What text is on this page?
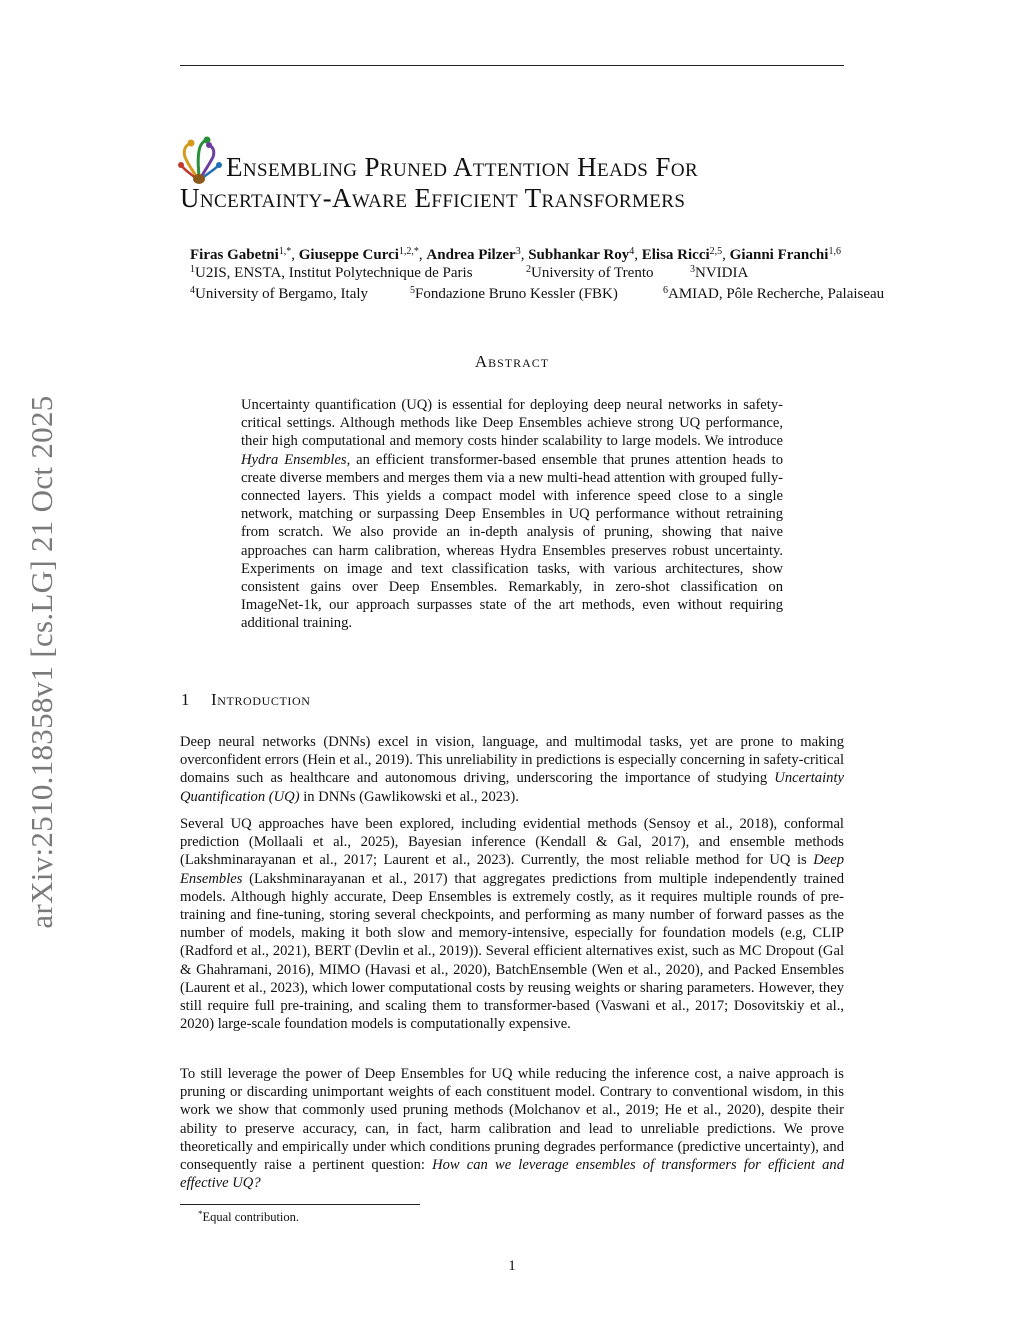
arXiv:2510.18358v1 [cs.LG] 21 Oct 2025
Ensembling Pruned Attention Heads For
Uncertainty-Aware Efficient Transformers
Firas Gabetni$^{1,*}$, Giuseppe Curci$^{1,2,*}$, Andrea Pilzer$^3$, Subhankar Roy$^4$, Elisa Ricci$^{2,5}$, Gianni Franchi$^{1,6}$
$^1$U2IS, ENSTA, Institut Polytechnique de Paris	$^2$University of Trento	$^3$NVIDIA
$^4$University of Bergamo, Italy	$^5$Fondazione Bruno Kessler (FBK)	$^6$AMIAD, Pôle Recherche, Palaiseau
Abstract
Uncertainty quantification (UQ) is essential for deploying deep neural networks in safety-critical settings. Although methods like Deep Ensembles achieve strong UQ performance, their high computational and memory costs hinder scalability to large models. We introduce Hydra Ensembles, an efficient transformer-based ensemble that prunes attention heads to create diverse members and merges them via a new multi-head attention with grouped fully-connected layers. This yields a compact model with inference speed close to a single network, matching or surpassing Deep Ensembles in UQ performance without retraining from scratch. We also provide an in-depth analysis of pruning, showing that naive approaches can harm calibration, whereas Hydra Ensembles preserves robust uncertainty. Experiments on image and text classification tasks, with various architectures, show consistent gains over Deep Ensembles. Remarkably, in zero-shot classification on ImageNet-1k, our approach surpasses state of the art methods, even without requiring additional training.
1 Introduction
Deep neural networks (DNNs) excel in vision, language, and multimodal tasks, yet are prone to making overconfident errors (Hein et al., 2019). This unreliability in predictions is especially concerning in safety-critical domains such as healthcare and autonomous driving, underscoring the importance of studying Uncertainty Quantification (UQ) in DNNs (Gawlikowski et al., 2023).
Several UQ approaches have been explored, including evidential methods (Sensoy et al., 2018), conformal prediction (Mollaali et al., 2025), Bayesian inference (Kendall & Gal, 2017), and ensemble methods (Lakshminarayanan et al., 2017; Laurent et al., 2023). Currently, the most reliable method for UQ is Deep Ensembles (Lakshminarayanan et al., 2017) that aggregates predictions from multiple independently trained models. Although highly accurate, Deep Ensembles is extremely costly, as it requires multiple rounds of pre-training and fine-tuning, storing several checkpoints, and performing as many number of forward passes as the number of models, making it both slow and memory-intensive, especially for foundation models (e.g, CLIP (Radford et al., 2021), BERT (Devlin et al., 2019)). Several efficient alternatives exist, such as MC Dropout (Gal & Ghahramani, 2016), MIMO (Havasi et al., 2020), BatchEnsemble (Wen et al., 2020), and Packed Ensembles (Laurent et al., 2023), which lower computational costs by reusing weights or sharing parameters. However, they still require full pre-training, and scaling them to transformer-based (Vaswani et al., 2017; Dosovitskiy et al., 2020) large-scale foundation models is computationally expensive.
To still leverage the power of Deep Ensembles for UQ while reducing the inference cost, a naive approach is pruning or discarding unimportant weights of each constituent model. Contrary to conventional wisdom, in this work we show that commonly used pruning methods (Molchanov et al., 2019; He et al., 2020), despite their ability to preserve accuracy, can, in fact, harm calibration and lead to unreliable predictions. We prove theoretically and empirically under which conditions pruning degrades performance (predictive uncertainty), and consequently raise a pertinent question: How can we leverage ensembles of transformers for efficient and effective UQ?
*Equal contribution.
1
